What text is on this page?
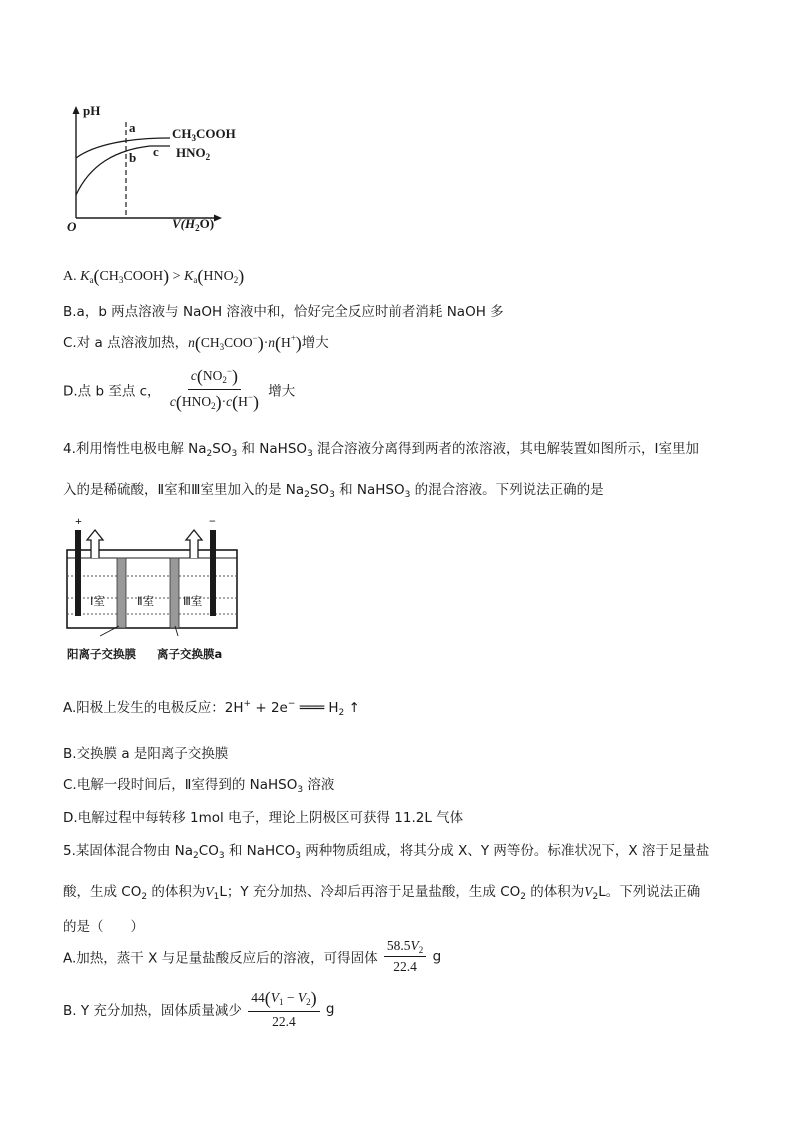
pH
O	$V(H_2O)$
$CH_3COOH$
$HNO_2$
a
b c
A. $K_a(CH_3COOH) > K_a(HNO_2)$
B.a，b 两点溶液与 NaOH 溶液中和，恰好完全反应时前者消耗 NaOH 多
C.对 a 点溶液加热，$n(CH_3COO^-)\cdot n(H^+)$增大
D.点 b 至点 c， $\frac{c(NO_2^-)}{c(HNO_2)\cdot c(H^-)}$ 增大
4.利用惰性电极电解 $Na_2SO_3$ 和 NaHSO$_3$ 混合溶液分离得到两者的浓溶液，其电解装置如图所示，Ⅰ室里加
入的是稀硫酸，Ⅱ室和Ⅲ室里加入的是 $Na_2SO_3$ 和 NaHSO$_3$ 的混合溶液。下列说法正确的是
+	−
Ⅰ室	Ⅱ室	Ⅲ室
阳离子交换膜 离子交换膜a
A.阳极上发生的电极反应：2H+ + 2e− ═══ $H_2$ ↑
B.交换膜 a 是阳离子交换膜
C.电解一段时间后，Ⅱ室得到的 NaHSO$_3$ 溶液
D.电解过程中每转移 1mol 电子，理论上阴极区可获得 11.2L 气体
5.某固体混合物由 $Na_2CO_3$ 和 NaHCO$_3$ 两种物质组成，将其分成 X、Y 两等份。标准状况下，X 溶于足量盐
酸，生成 $CO_2$ 的体积为$V_1L$；Y 充分加热、冷却后再溶于足量盐酸，生成 $CO_2$ 的体积为$V_2L$。下列说法正确
的是（　　）
A.加热，蒸干 X 与足量盐酸反应后的溶液，可得固体 $\frac{58.5V_2}{22.4}$ g
B. Y 充分加热，固体质量减少 $\frac{44(V_1 - V_2)}{22.4}$ g
